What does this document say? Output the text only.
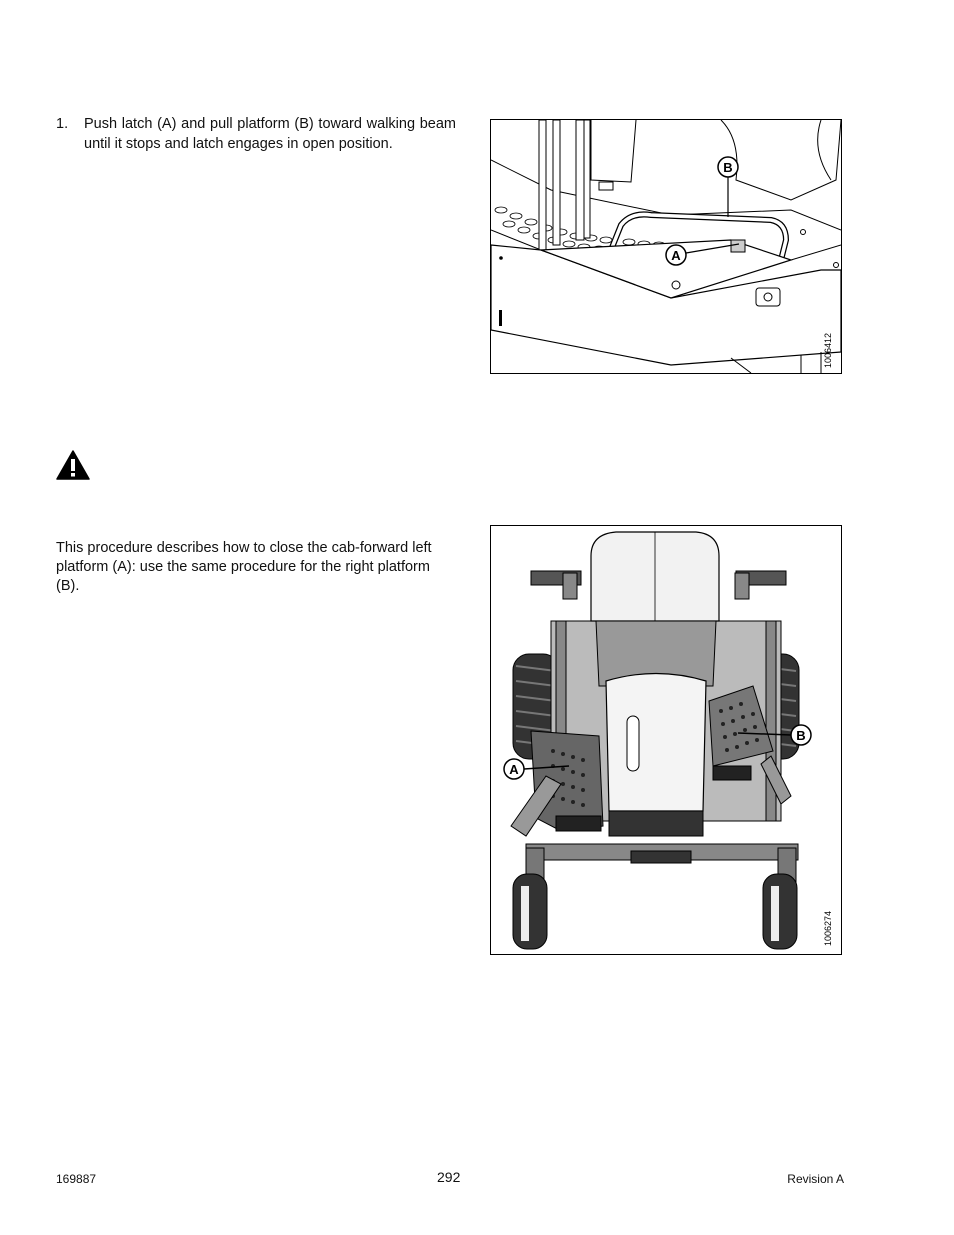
1. Push latch (A) and pull platform (B) toward walking beam until it stops and latch engages in open position.
B
A
1006412
This procedure describes how to close the cab-forward left platform (A): use the same procedure for the right platform (B).
A
B
1006274
169887	292	Revision A
